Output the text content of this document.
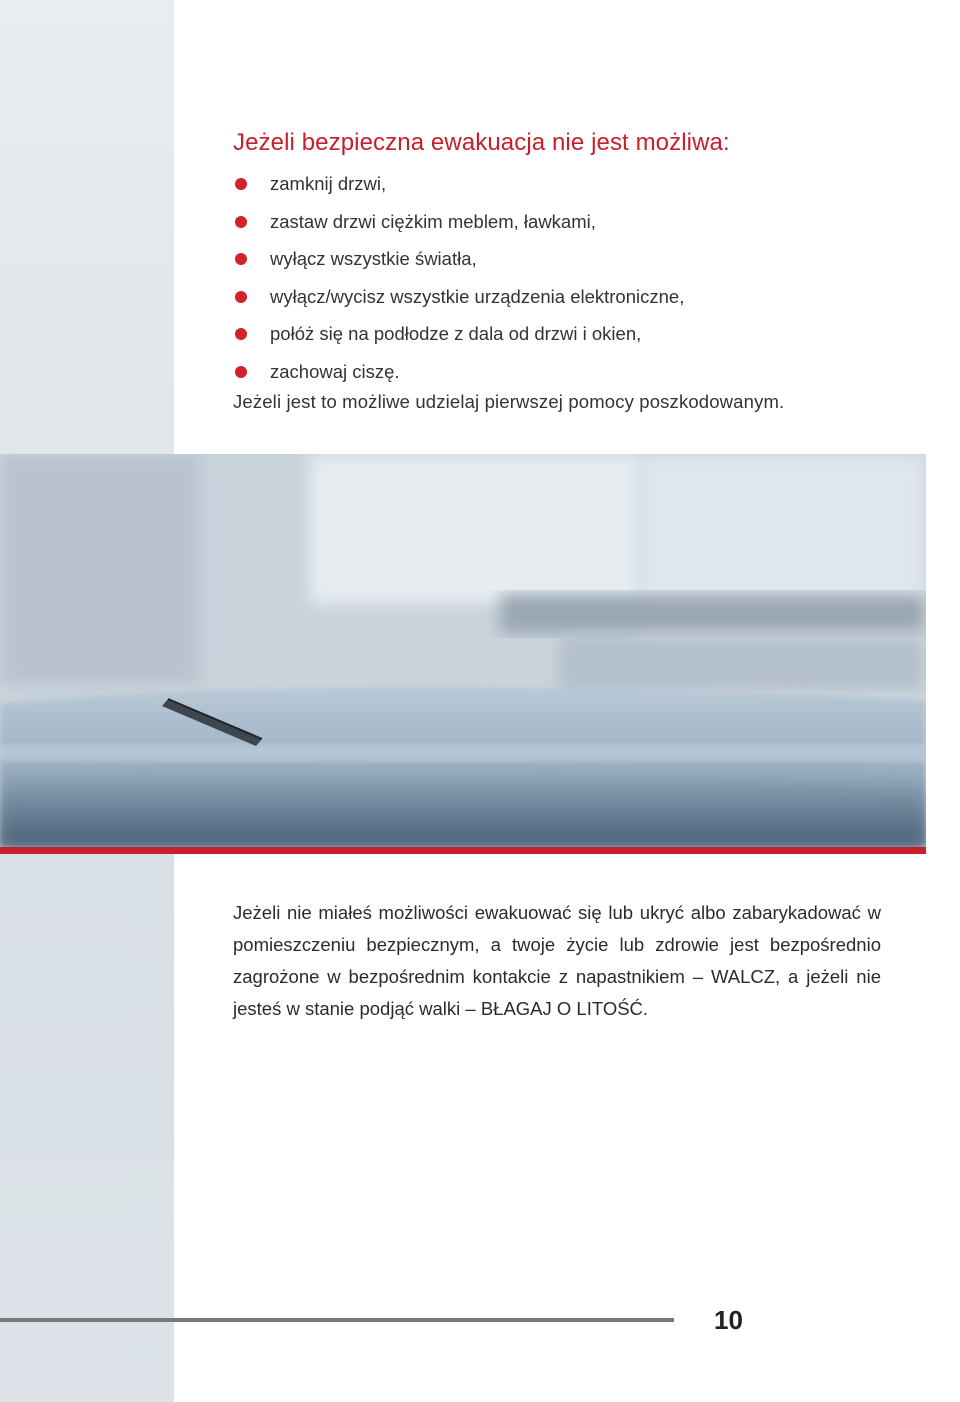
Jeżeli bezpieczna ewakuacja nie jest możliwa:
zamknij drzwi,
zastaw drzwi ciężkim meblem, ławkami,
wyłącz wszystkie światła,
wyłącz/wycisz wszystkie urządzenia elektroniczne,
połóż się na podłodze z dala od drzwi i okien,
zachowaj ciszę.

Jeżeli jest to możliwe udzielaj pierwszej pomocy poszkodowanym.

Jeżeli nie miałeś możliwości ewakuować się lub ukryć albo zabarykadować w pomieszczeniu bezpiecznym, a twoje życie lub zdrowie jest bezpośrednio zagrożone w bezpośrednim kontakcie z napastnikiem – WALCZ, a jeżeli nie jesteś w stanie podjąć walki – BŁAGAJ O LITOŚĆ.

10
